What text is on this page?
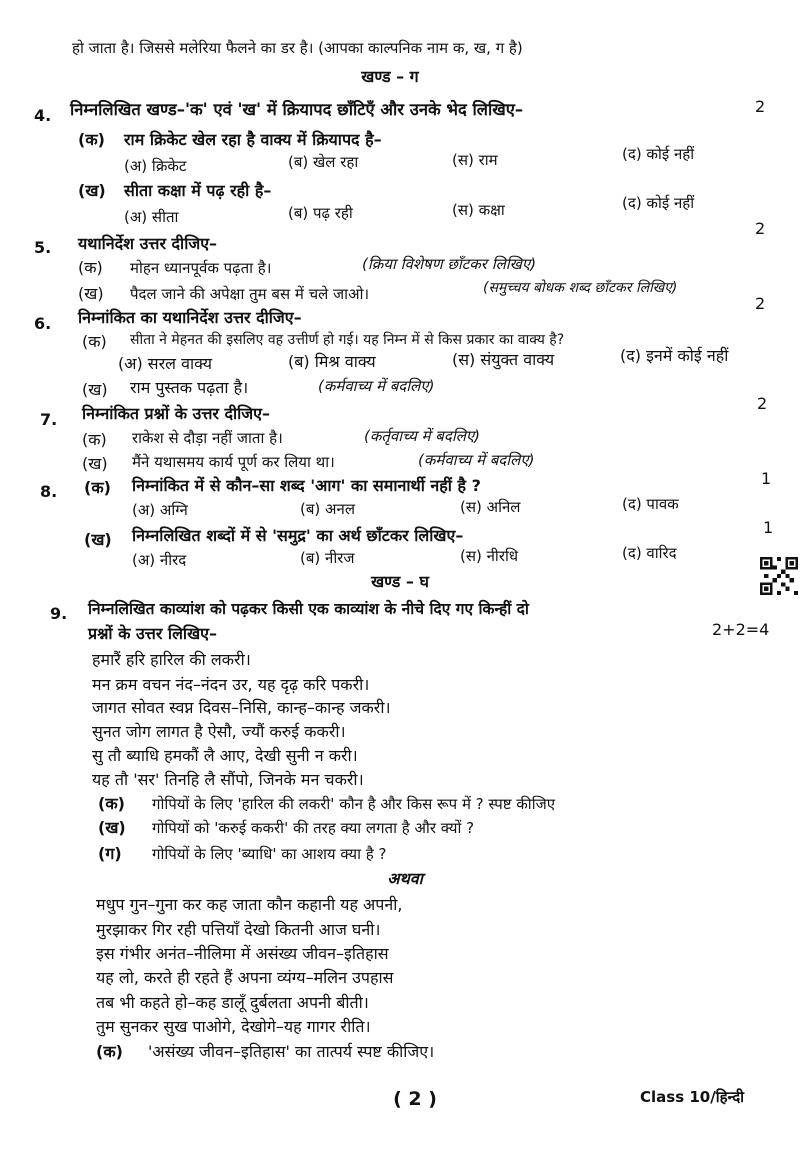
हो जाता है। जिससे मलेरिया फैलने का डर है। (आपका काल्पनिक नाम क, ख, ग है)
खण्ड – ग
4. निम्नलिखित खण्ड–'क' एवं 'ख' में क्रियापद छाँटिएँ और उनके भेद लिखिए–	2
(क) राम क्रिकेट खेल रहा है वाक्य में क्रियापद है–
(अ) क्रिकेट	(ब) खेल रहा	(स) राम	(द) कोई नहीं
(ख) सीता कक्षा में पढ़ रही है–
(अ) सीता	(ब) पढ़ रही	(स) कक्षा	(द) कोई नहीं
2
5. यथानिर्देश उत्तर दीजिए–
(क) मोहन ध्यानपूर्वक पढ़ता है।	(क्रिया विशेषण छाँटकर लिखिए)
(ख) पैदल जाने की अपेक्षा तुम बस में चले जाओ।	(समुच्चय बोधक शब्द छाँटकर लिखिए)
2
6. निम्नांकित का यथानिर्देश उत्तर दीजिए–
(क) सीता ने मेहनत की इसलिए वह उत्तीर्ण हो गई। यह निम्न में से किस प्रकार का वाक्य है?
(अ) सरल वाक्य	(ब) मिश्र वाक्य	(स) संयुक्त वाक्य	(द) इनमें कोई नहीं
(ख) राम पुस्तक पढ़ता है।	(कर्मवाच्य में बदलिए)
2
7. निम्नांकित प्रश्नों के उत्तर दीजिए–
(क) राकेश से दौड़ा नहीं जाता है।	(कर्तृवाच्य में बदलिए)
(ख) मैंने यथासमय कार्य पूर्ण कर लिया था।	(कर्मवाच्य में बदलिए)
8. (क) निम्नांकित में से कौन–सा शब्द 'आग' का समानार्थी नहीं है ?	1
(अ) अग्नि	(ब) अनल	(स) अनिल	(द) पावक
(ख) निम्नलिखित शब्दों में से 'समुद्र' का अर्थ छाँटकर लिखिए–	1
(अ) नीरद	(ब) नीरज	(स) नीरधि	(द) वारिद
खण्ड – घ
9. निम्नलिखित काव्यांश को पढ़कर किसी एक काव्यांश के नीचे दिए गए किन्हीं दो
प्रश्नों के उत्तर लिखिए–	2+2=4
हमारैं हरि हारिल की लकरी।
मन क्रम वचन नंद–नंदन उर, यह दृढ़ करि पकरी।
जागत सोवत स्वप्न दिवस–निसि, कान्ह–कान्ह जकरी।
सुनत जोग लागत है ऐसौ, ज्यौं करुई ककरी।
सु तौ ब्याधि हमकौं लै आए, देखी सुनी न करी।
यह तौ 'सर' तिनहि लै सौंपो, जिनके मन चकरी।
(क) गोपियों के लिए 'हारिल की लकरी' कौन है और किस रूप में ? स्पष्ट कीजिए
(ख) गोपियों को 'करुई ककरी' की तरह क्या लगता है और क्यों ?
(ग) गोपियों के लिए 'ब्याधि' का आशय क्या है ?
अथवा
मधुप गुन–गुना कर कह जाता कौन कहानी यह अपनी,
मुरझाकर गिर रही पत्तियाँ देखो कितनी आज घनी।
इस गंभीर अनंत–नीलिमा में असंख्य जीवन–इतिहास
यह लो, करते ही रहते हैं अपना व्यंग्य–मलिन उपहास
तब भी कहते हो–कह डालूँ दुर्बलता अपनी बीती।
तुम सुनकर सुख पाओगे, देखोगे–यह गागर रीति।
(क) 'असंख्य जीवन–इतिहास' का तात्पर्य स्पष्ट कीजिए।
( 2 )	Class 10/हिन्दी
